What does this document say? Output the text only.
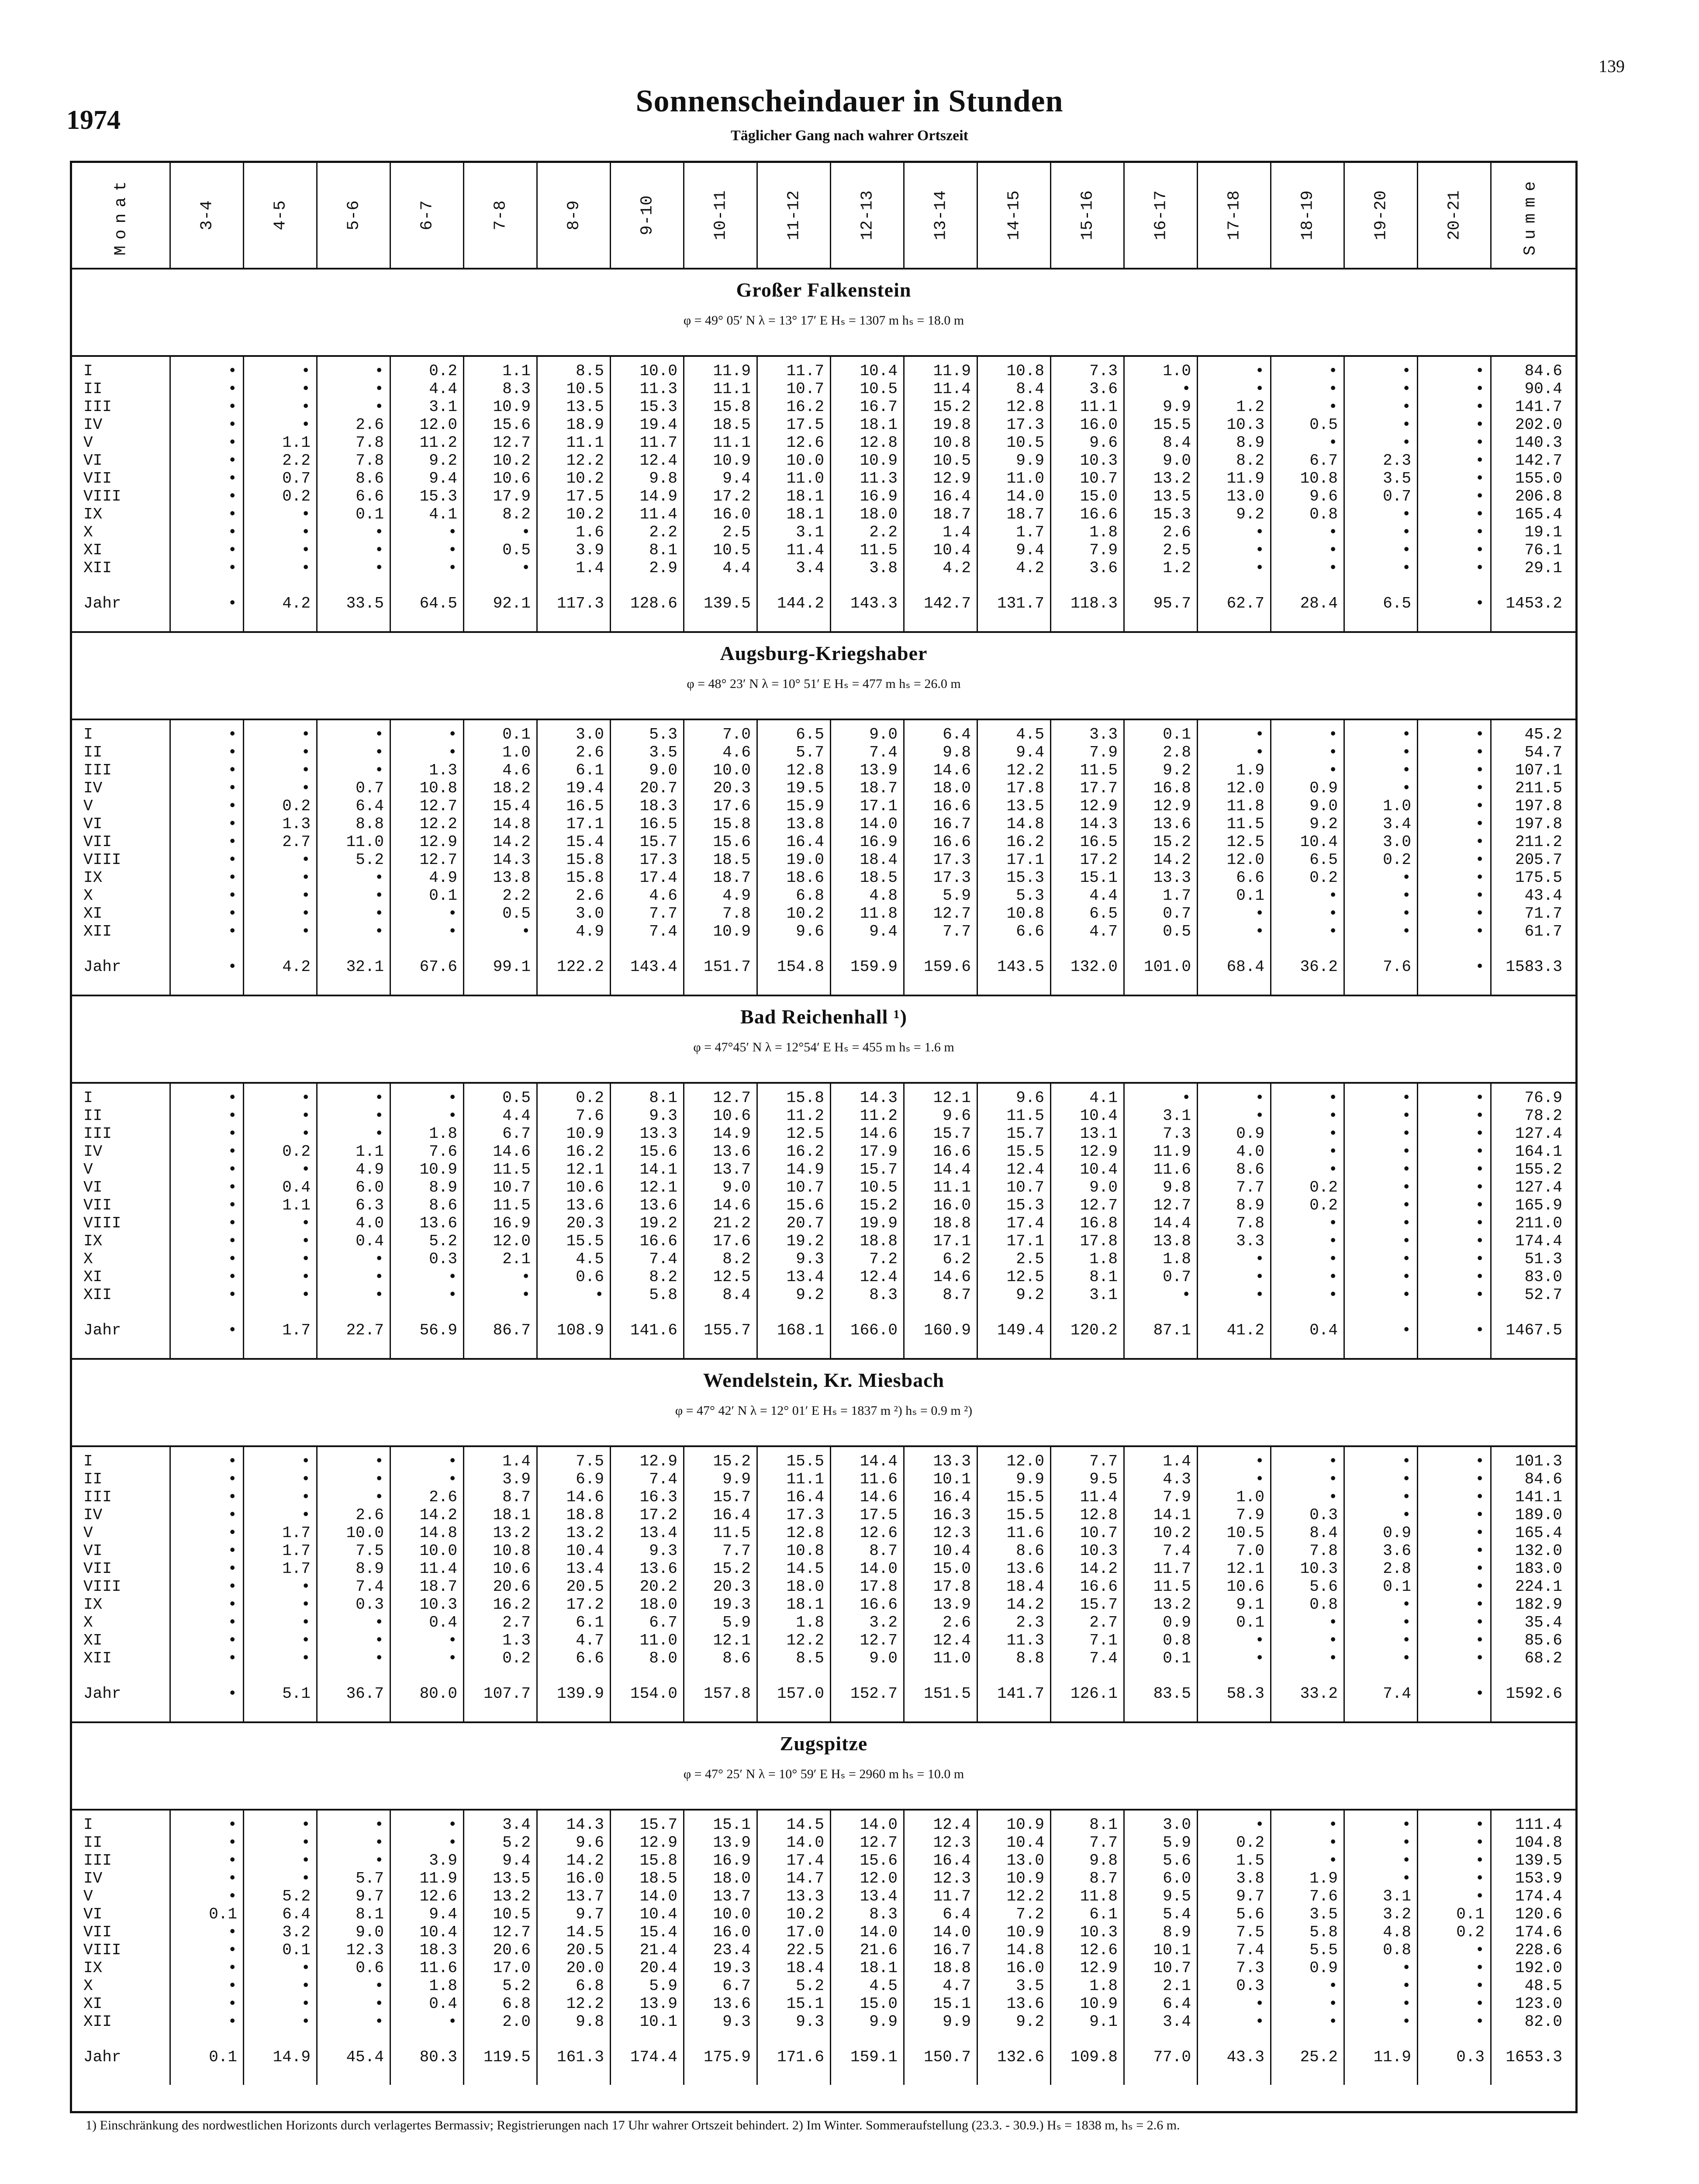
139
1974
Sonnenscheindauer in Stunden
Täglicher Gang nach wahrer Ortszeit
Monat	3-4	4-5	5-6	6-7	7-8	8-9	9-10	10-11	11-12	12-13	13-14	14-15	15-16	16-17	17-18	18-19	19-20	20-21	Summe
Großer Falkenstein
φ = 49° 05′ N λ = 13° 17′ E Hₛ = 1307 m hₛ = 18.0 m
I	•	•	•	0.2	1.1	8.5	10.0	11.9	11.7	10.4	11.9	10.8	7.3	1.0	•	•	•	•	84.6
II	•	•	•	4.4	8.3	10.5	11.3	11.1	10.7	10.5	11.4	8.4	3.6	•	•	•	•	•	90.4
III	•	•	•	3.1	10.9	13.5	15.3	15.8	16.2	16.7	15.2	12.8	11.1	9.9	1.2	•	•	•	141.7
IV	•	•	2.6	12.0	15.6	18.9	19.4	18.5	17.5	18.1	19.8	17.3	16.0	15.5	10.3	0.5	•	•	202.0
V	•	1.1	7.8	11.2	12.7	11.1	11.7	11.1	12.6	12.8	10.8	10.5	9.6	8.4	8.9	•	•	•	140.3
VI	•	2.2	7.8	9.2	10.2	12.2	12.4	10.9	10.0	10.9	10.5	9.9	10.3	9.0	8.2	6.7	2.3	•	142.7
VII	•	0.7	8.6	9.4	10.6	10.2	9.8	9.4	11.0	11.3	12.9	11.0	10.7	13.2	11.9	10.8	3.5	•	155.0
VIII	•	0.2	6.6	15.3	17.9	17.5	14.9	17.2	18.1	16.9	16.4	14.0	15.0	13.5	13.0	9.6	0.7	•	206.8
IX	•	•	0.1	4.1	8.2	10.2	11.4	16.0	18.1	18.0	18.7	18.7	16.6	15.3	9.2	0.8	•	•	165.4
X	•	•	•	•	•	1.6	2.2	2.5	3.1	2.2	1.4	1.7	1.8	2.6	•	•	•	•	19.1
XI	•	•	•	•	0.5	3.9	8.1	10.5	11.4	11.5	10.4	9.4	7.9	2.5	•	•	•	•	76.1
XII	•	•	•	•	•	1.4	2.9	4.4	3.4	3.8	4.2	4.2	3.6	1.2	•	•	•	•	29.1
Jahr	•	4.2	33.5	64.5	92.1	117.3	128.6	139.5	144.2	143.3	142.7	131.7	118.3	95.7	62.7	28.4	6.5	•	1453.2
Augsburg-Kriegshaber
φ = 48° 23′ N λ = 10° 51′ E Hₛ = 477 m hₛ = 26.0 m
I	•	•	•	•	0.1	3.0	5.3	7.0	6.5	9.0	6.4	4.5	3.3	0.1	•	•	•	•	45.2
II	•	•	•	•	1.0	2.6	3.5	4.6	5.7	7.4	9.8	9.4	7.9	2.8	•	•	•	•	54.7
III	•	•	•	1.3	4.6	6.1	9.0	10.0	12.8	13.9	14.6	12.2	11.5	9.2	1.9	•	•	•	107.1
IV	•	•	0.7	10.8	18.2	19.4	20.7	20.3	19.5	18.7	18.0	17.8	17.7	16.8	12.0	0.9	•	•	211.5
V	•	0.2	6.4	12.7	15.4	16.5	18.3	17.6	15.9	17.1	16.6	13.5	12.9	12.9	11.8	9.0	1.0	•	197.8
VI	•	1.3	8.8	12.2	14.8	17.1	16.5	15.8	13.8	14.0	16.7	14.8	14.3	13.6	11.5	9.2	3.4	•	197.8
VII	•	2.7	11.0	12.9	14.2	15.4	15.7	15.6	16.4	16.9	16.6	16.2	16.5	15.2	12.5	10.4	3.0	•	211.2
VIII	•	•	5.2	12.7	14.3	15.8	17.3	18.5	19.0	18.4	17.3	17.1	17.2	14.2	12.0	6.5	0.2	•	205.7
IX	•	•	•	4.9	13.8	15.8	17.4	18.7	18.6	18.5	17.3	15.3	15.1	13.3	6.6	0.2	•	•	175.5
X	•	•	•	0.1	2.2	2.6	4.6	4.9	6.8	4.8	5.9	5.3	4.4	1.7	0.1	•	•	•	43.4
XI	•	•	•	•	0.5	3.0	7.7	7.8	10.2	11.8	12.7	10.8	6.5	0.7	•	•	•	•	71.7
XII	•	•	•	•	•	4.9	7.4	10.9	9.6	9.4	7.7	6.6	4.7	0.5	•	•	•	•	61.7
Jahr	•	4.2	32.1	67.6	99.1	122.2	143.4	151.7	154.8	159.9	159.6	143.5	132.0	101.0	68.4	36.2	7.6	•	1583.3
Bad Reichenhall ¹)
φ = 47°45′ N λ = 12°54′ E Hₛ = 455 m hₛ = 1.6 m
I	•	•	•	•	0.5	0.2	8.1	12.7	15.8	14.3	12.1	9.6	4.1	•	•	•	•	•	76.9
II	•	•	•	•	4.4	7.6	9.3	10.6	11.2	11.2	9.6	11.5	10.4	3.1	•	•	•	•	78.2
III	•	•	•	1.8	6.7	10.9	13.3	14.9	12.5	14.6	15.7	15.7	13.1	7.3	0.9	•	•	•	127.4
IV	•	0.2	1.1	7.6	14.6	16.2	15.6	13.6	16.2	17.9	16.6	15.5	12.9	11.9	4.0	•	•	•	164.1
V	•	•	4.9	10.9	11.5	12.1	14.1	13.7	14.9	15.7	14.4	12.4	10.4	11.6	8.6	•	•	•	155.2
VI	•	0.4	6.0	8.9	10.7	10.6	12.1	9.0	10.7	10.5	11.1	10.7	9.0	9.8	7.7	0.2	•	•	127.4
VII	•	1.1	6.3	8.6	11.5	13.6	13.6	14.6	15.6	15.2	16.0	15.3	12.7	12.7	8.9	0.2	•	•	165.9
VIII	•	•	4.0	13.6	16.9	20.3	19.2	21.2	20.7	19.9	18.8	17.4	16.8	14.4	7.8	•	•	•	211.0
IX	•	•	0.4	5.2	12.0	15.5	16.6	17.6	19.2	18.8	17.1	17.1	17.8	13.8	3.3	•	•	•	174.4
X	•	•	•	0.3	2.1	4.5	7.4	8.2	9.3	7.2	6.2	2.5	1.8	1.8	•	•	•	•	51.3
XI	•	•	•	•	•	0.6	8.2	12.5	13.4	12.4	14.6	12.5	8.1	0.7	•	•	•	•	83.0
XII	•	•	•	•	•	•	5.8	8.4	9.2	8.3	8.7	9.2	3.1	•	•	•	•	•	52.7
Jahr	•	1.7	22.7	56.9	86.7	108.9	141.6	155.7	168.1	166.0	160.9	149.4	120.2	87.1	41.2	0.4	•	•	1467.5
Wendelstein, Kr. Miesbach
φ = 47° 42′ N λ = 12° 01′ E Hₛ = 1837 m ²) hₛ = 0.9 m ²)
I	•	•	•	•	1.4	7.5	12.9	15.2	15.5	14.4	13.3	12.0	7.7	1.4	•	•	•	•	101.3
II	•	•	•	•	3.9	6.9	7.4	9.9	11.1	11.6	10.1	9.9	9.5	4.3	•	•	•	•	84.6
III	•	•	•	2.6	8.7	14.6	16.3	15.7	16.4	14.6	16.4	15.5	11.4	7.9	1.0	•	•	•	141.1
IV	•	•	2.6	14.2	18.1	18.8	17.2	16.4	17.3	17.5	16.3	15.5	12.8	14.1	7.9	0.3	•	•	189.0
V	•	1.7	10.0	14.8	13.2	13.2	13.4	11.5	12.8	12.6	12.3	11.6	10.7	10.2	10.5	8.4	0.9	•	165.4
VI	•	1.7	7.5	10.0	10.8	10.4	9.3	7.7	10.8	8.7	10.4	8.6	10.3	7.4	7.0	7.8	3.6	•	132.0
VII	•	1.7	8.9	11.4	10.6	13.4	13.6	15.2	14.5	14.0	15.0	13.6	14.2	11.7	12.1	10.3	2.8	•	183.0
VIII	•	•	7.4	18.7	20.6	20.5	20.2	20.3	18.0	17.8	17.8	18.4	16.6	11.5	10.6	5.6	0.1	•	224.1
IX	•	•	0.3	10.3	16.2	17.2	18.0	19.3	18.1	16.6	13.9	14.2	15.7	13.2	9.1	0.8	•	•	182.9
X	•	•	•	0.4	2.7	6.1	6.7	5.9	1.8	3.2	2.6	2.3	2.7	0.9	0.1	•	•	•	35.4
XI	•	•	•	•	1.3	4.7	11.0	12.1	12.2	12.7	12.4	11.3	7.1	0.8	•	•	•	•	85.6
XII	•	•	•	•	0.2	6.6	8.0	8.6	8.5	9.0	11.0	8.8	7.4	0.1	•	•	•	•	68.2
Jahr	•	5.1	36.7	80.0	107.7	139.9	154.0	157.8	157.0	152.7	151.5	141.7	126.1	83.5	58.3	33.2	7.4	•	1592.6
Zugspitze
φ = 47° 25′ N λ = 10° 59′ E Hₛ = 2960 m hₛ = 10.0 m
I	•	•	•	•	3.4	14.3	15.7	15.1	14.5	14.0	12.4	10.9	8.1	3.0	•	•	•	•	111.4
II	•	•	•	•	5.2	9.6	12.9	13.9	14.0	12.7	12.3	10.4	7.7	5.9	0.2	•	•	•	104.8
III	•	•	•	3.9	9.4	14.2	15.8	16.9	17.4	15.6	16.4	13.0	9.8	5.6	1.5	•	•	•	139.5
IV	•	•	5.7	11.9	13.5	16.0	18.5	18.0	14.7	12.0	12.3	10.9	8.7	6.0	3.8	1.9	•	•	153.9
V	•	5.2	9.7	12.6	13.2	13.7	14.0	13.7	13.3	13.4	11.7	12.2	11.8	9.5	9.7	7.6	3.1	•	174.4
VI	0.1	6.4	8.1	9.4	10.5	9.7	10.4	10.0	10.2	8.3	6.4	7.2	6.1	5.4	5.6	3.5	3.2	0.1	120.6
VII	•	3.2	9.0	10.4	12.7	14.5	15.4	16.0	17.0	14.0	14.0	10.9	10.3	8.9	7.5	5.8	4.8	0.2	174.6
VIII	•	0.1	12.3	18.3	20.6	20.5	21.4	23.4	22.5	21.6	16.7	14.8	12.6	10.1	7.4	5.5	0.8	•	228.6
IX	•	•	0.6	11.6	17.0	20.0	20.4	19.3	18.4	18.1	18.8	16.0	12.9	10.7	7.3	0.9	•	•	192.0
X	•	•	•	1.8	5.2	6.8	5.9	6.7	5.2	4.5	4.7	3.5	1.8	2.1	0.3	•	•	•	48.5
XI	•	•	•	0.4	6.8	12.2	13.9	13.6	15.1	15.0	15.1	13.6	10.9	6.4	•	•	•	•	123.0
XII	•	•	•	•	2.0	9.8	10.1	9.3	9.3	9.9	9.9	9.2	9.1	3.4	•	•	•	•	82.0
Jahr	0.1	14.9	45.4	80.3	119.5	161.3	174.4	175.9	171.6	159.1	150.7	132.6	109.8	77.0	43.3	25.2	11.9	0.3	1653.3
1) Einschränkung des nordwestlichen Horizonts durch verlagertes Bermassiv; Registrierungen nach 17 Uhr wahrer Ortszeit behindert. 2) Im Winter. Sommeraufstellung (23.3. - 30.9.) Hₛ = 1838 m, hₛ = 2.6 m.
